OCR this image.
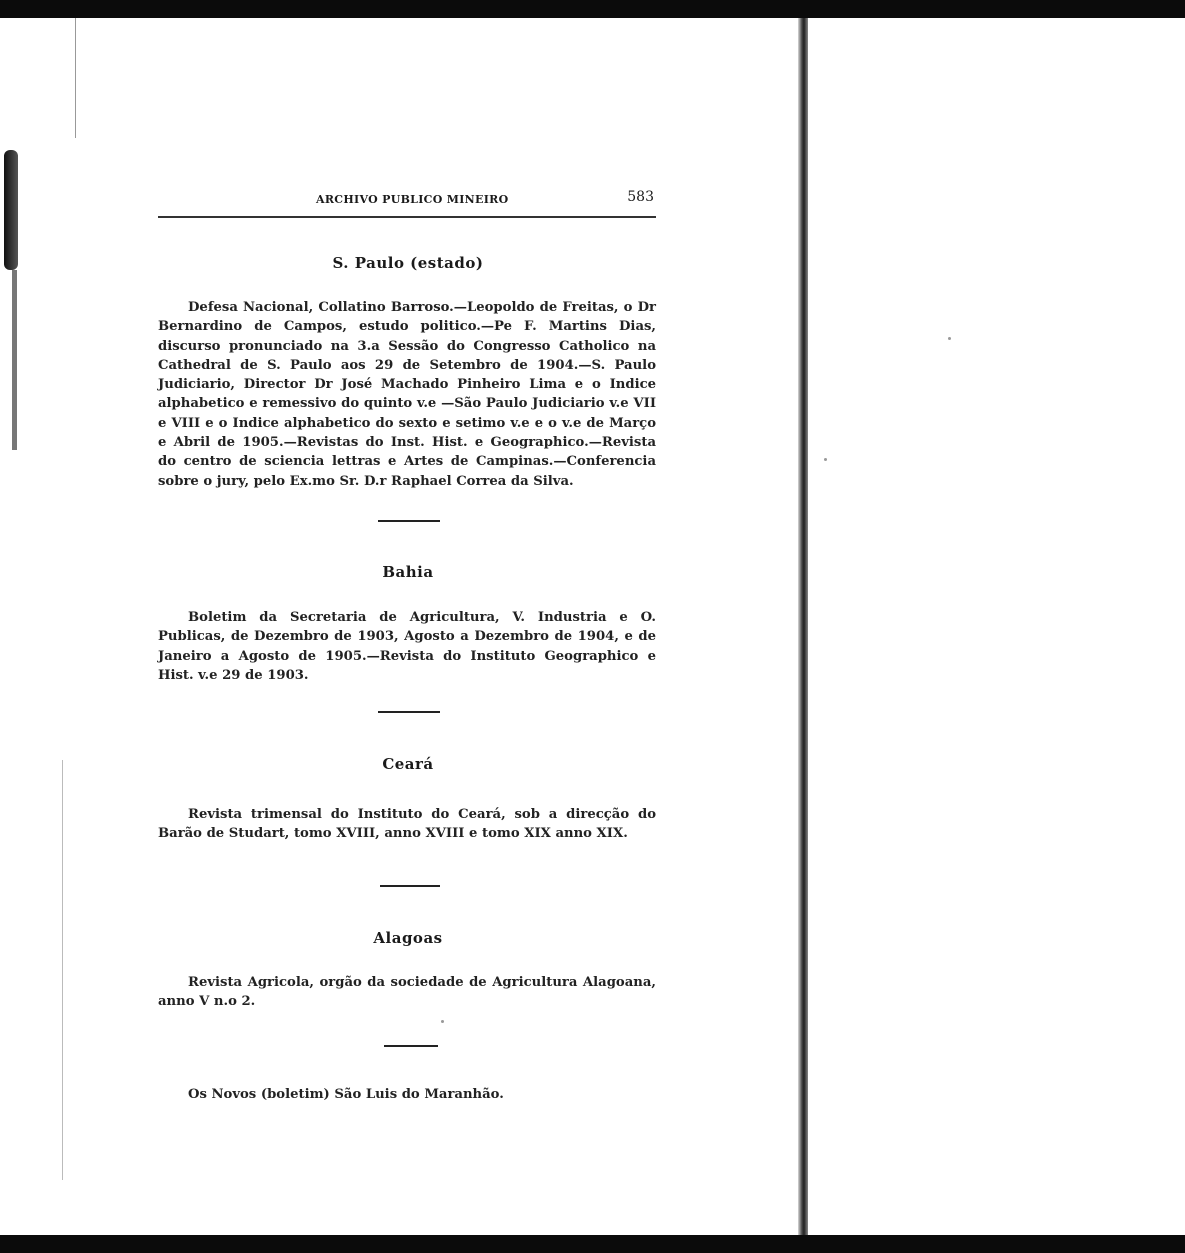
ARCHIVO PUBLICO MINEIRO	583
S. Paulo (estado)
Defesa Nacional, Collatino Barroso.—Leopoldo de Freitas, o Dr Bernardino de Campos, estudo politico.—Pe F. Martins Dias, discurso pronunciado na 3.a Sessão do Congresso Catholico na Cathedral de S. Paulo aos 29 de Setembro de 1904.—S. Paulo Judiciario, Director Dr José Machado Pinheiro Lima e o Indice alphabetico e remessivo do quinto v.e —São Paulo Judiciario v.e VII e VIII e o Indice alphabetico do sexto e setimo v.e e o v.e de Março e Abril de 1905.—Revistas do Inst. Hist. e Geographico.—Revista do centro de sciencia lettras e Artes de Campinas.—Conferencia sobre o jury, pelo Ex.mo Sr. D.r Raphael Correa da Silva.
Bahia
Boletim da Secretaria de Agricultura, V. Industria e O. Publicas, de Dezembro de 1903, Agosto a Dezembro de 1904, e de Janeiro a Agosto de 1905.—Revista do Instituto Geographico e Hist. v.e 29 de 1903.
Ceará
Revista trimensal do Instituto do Ceará, sob a direcção do Barão de Studart, tomo XVIII, anno XVIII e tomo XIX anno XIX.
Alagoas
Revista Agricola, orgão da sociedade de Agricultura Alagoana, anno V n.o 2.
Os Novos (boletim) São Luis do Maranhão.
